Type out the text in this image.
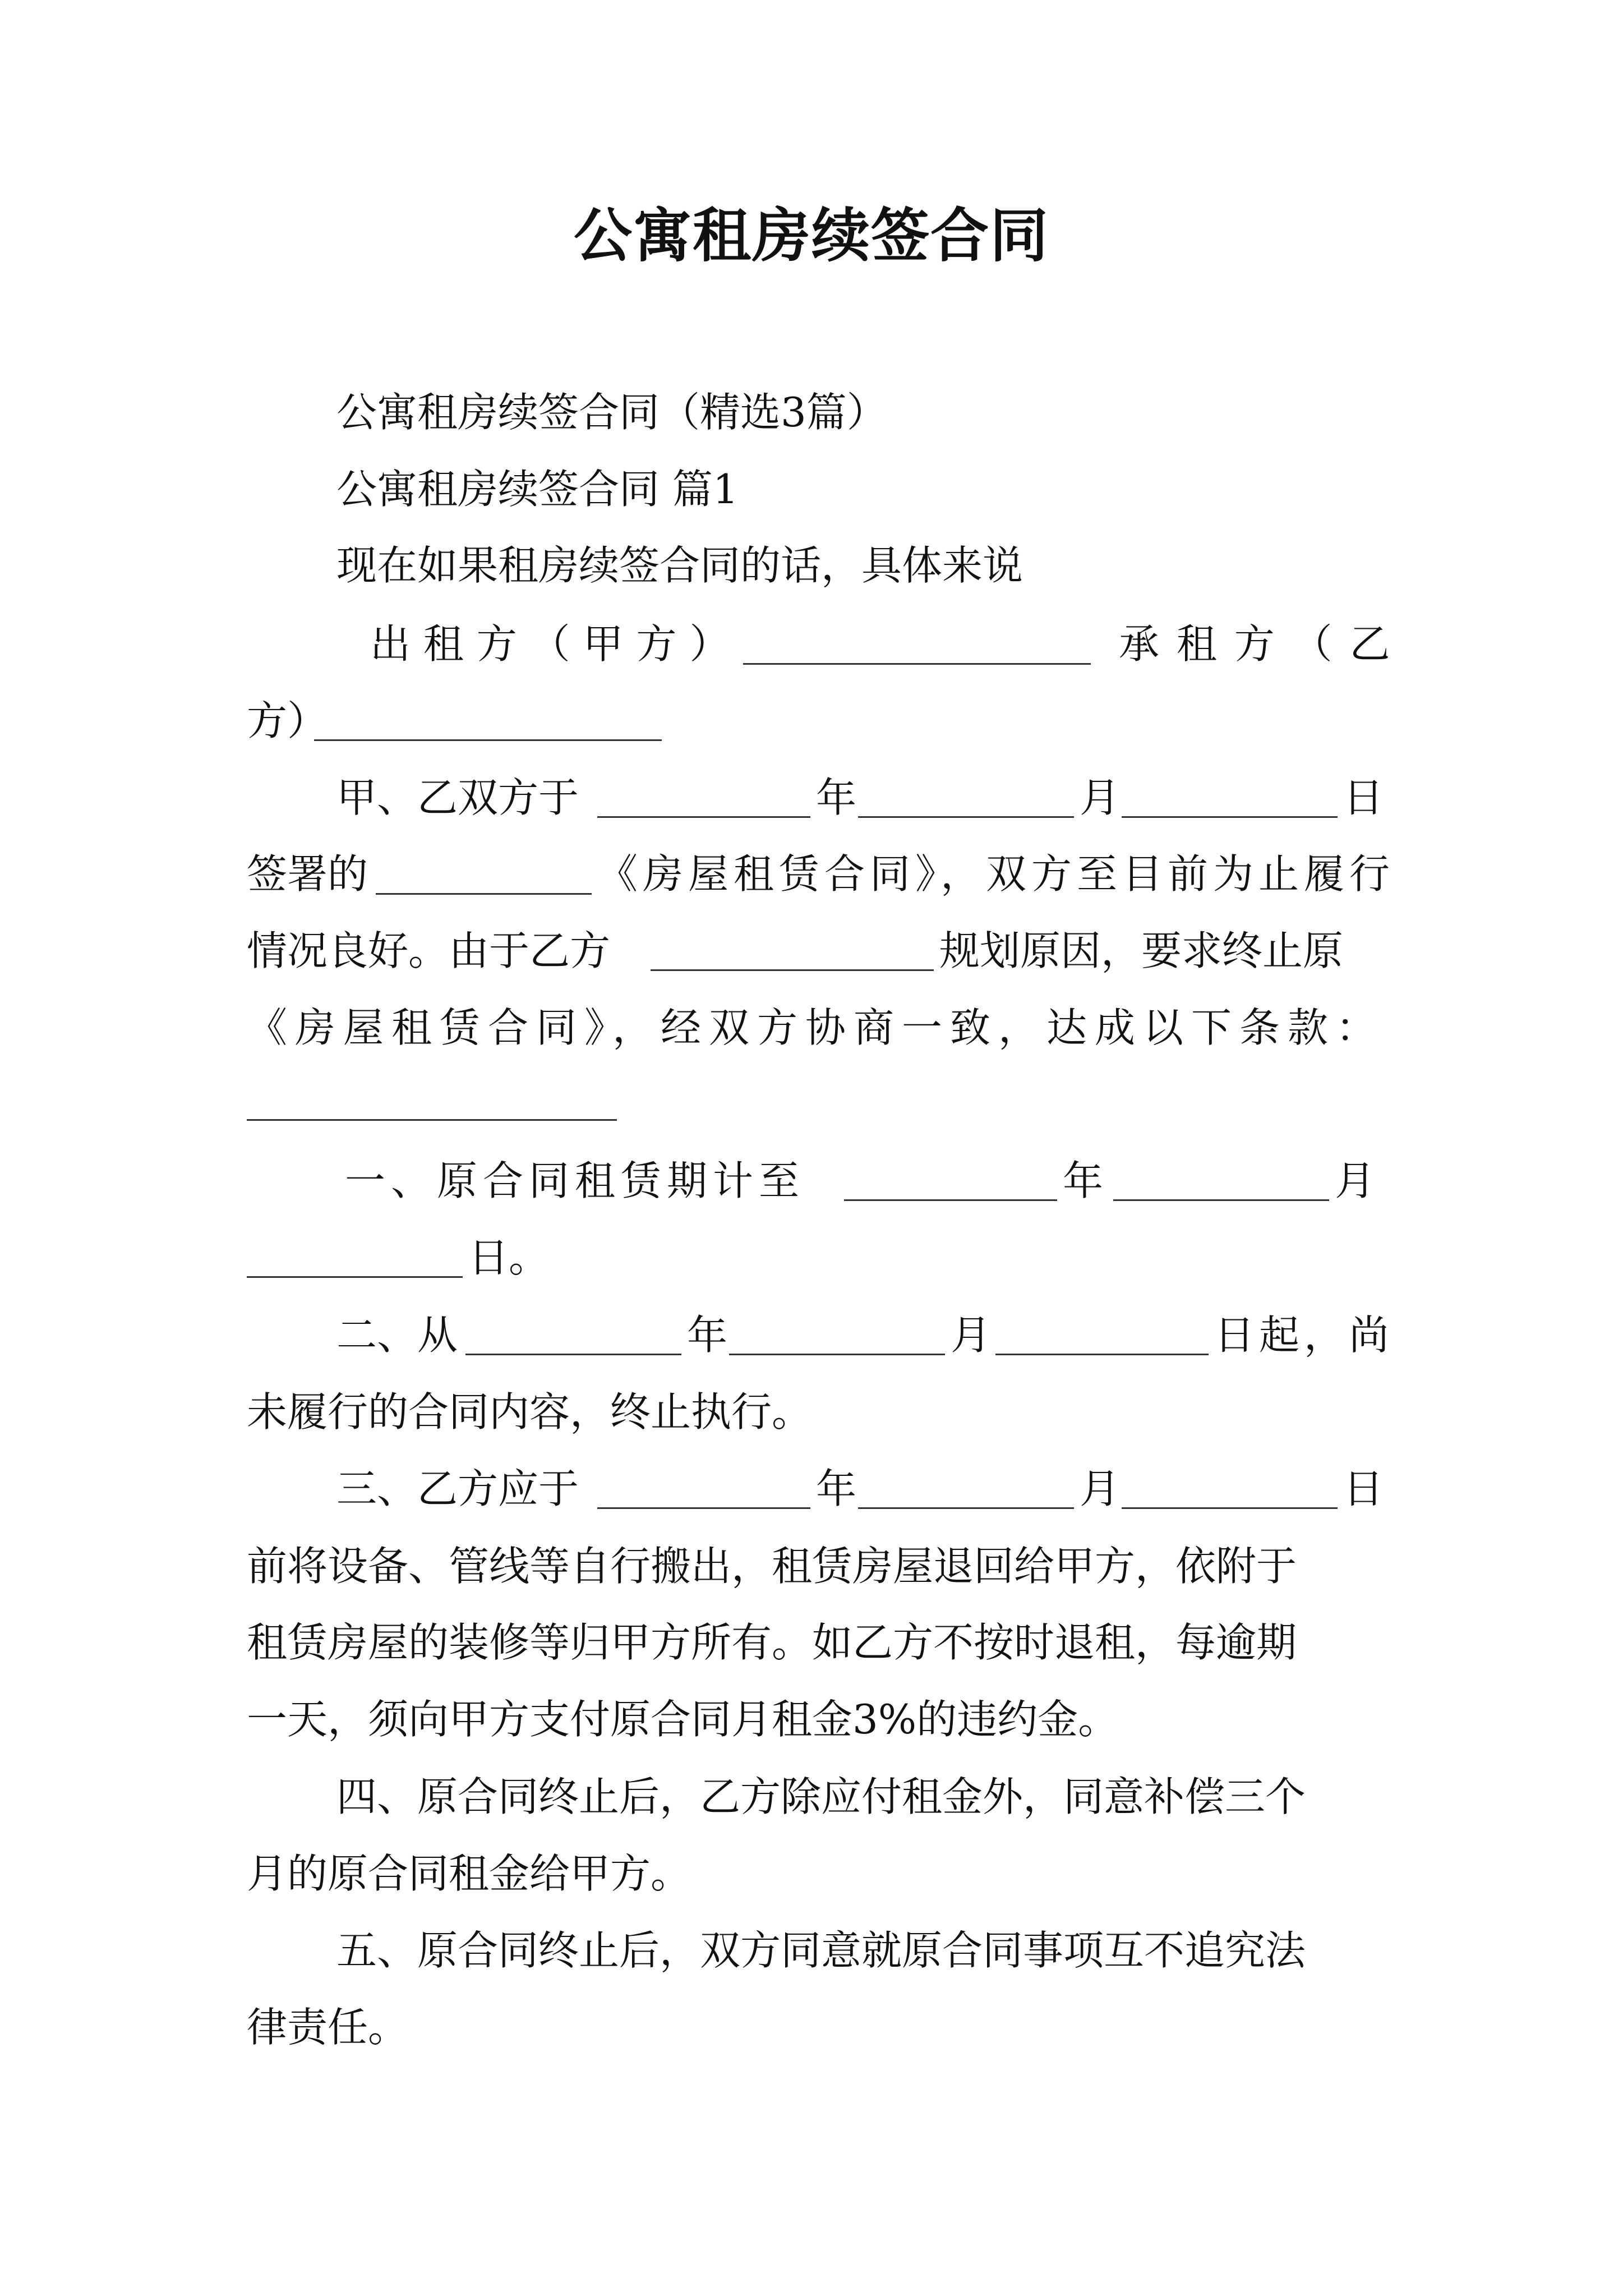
公寓租房续签合同
公寓租房续签合同（精选3篇）
公寓租房续签合同 篇1
现在如果租房续签合同的话，具体来说
出 租 方 （ 甲 方 ）	承 租 方 （ 乙
方）
甲、乙双方于	年	月	日
签署的	《房屋租赁合同》，双方至目前为止履行
情况良好。由于乙方	规划原因，要求终止原
《房屋租赁合同》，经双方协商一致，达成以下条款：
一、原合同租赁期计至	年	月
日。
二、从	年	月	日起，尚
未履行的合同内容，终止执行。
三、乙方应于	年	月	日
前将设备、管线等自行搬出，租赁房屋退回给甲方，依附于
租赁房屋的装修等归甲方所有。如乙方不按时退租，每逾期
一天，须向甲方支付原合同月租金3%的违约金。
四、原合同终止后，乙方除应付租金外，同意补偿三个
月的原合同租金给甲方。
五、原合同终止后，双方同意就原合同事项互不追究法
律责任。
